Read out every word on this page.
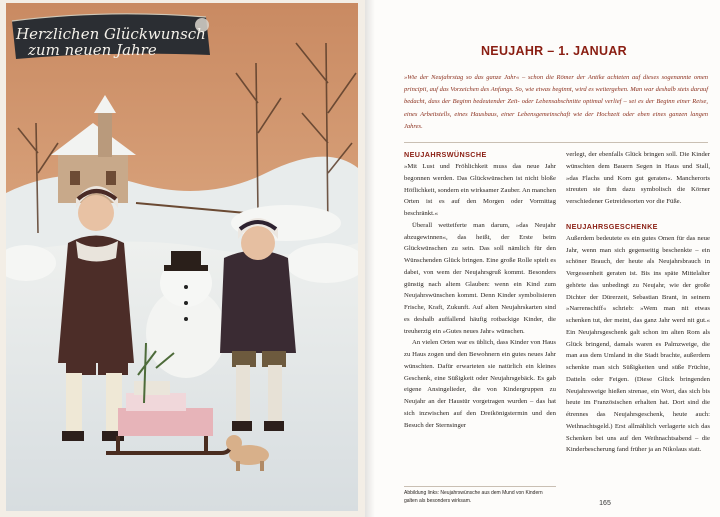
Herzlichen Glückwunsch
zum neuen Jahre	NEUJAHR – 1. JANUAR

»Wie der Neujahrstag so das ganze Jahr« – schon die Römer der Antike achteten auf dieses sogenannte omen principii, auf das Vorzeichen des Anfangs. So, wie etwas beginnt, wird es weitergehen. Man war deshalb stets darauf bedacht, dass der Beginn bedeutender Zeit- oder Lebensabschnitte optimal verlief – sei es der Beginn einer Reise, eines Arbeitstells, eines Hausbaus, einer Lebensgemeinschaft wie der Hochzeit oder eben eines ganzen langen Jahres.

NEUJAHRSWÜNSCHE

»Mit Lust und Fröhlichkeit muss das neue Jahr begonnen werden. Das Glückwünschen ist nicht bloße Höflichkeit, sondern ein wirksamer Zauber. An manchen Orten ist es auf den Morgen oder Vormittag beschränkt.«

Überall wetteiferte man darum, »das Neujahr abzugewinnen«, das heißt, der Erste beim Glückwünschen zu sein. Das soll nämlich für den Wünschenden Glück bringen. Eine große Rolle spielt es dabei, von wem der Neujahrsgruß kommt. Besonders günstig nach altem Glauben: wenn ein Kind zum Neujahrswünschen kommt. Denn Kinder symbolisieren Frische, Kraft, Zukunft. Auf alten Neujahrskarten sind es deshalb auffallend häufig rotbackige Kinder, die treuherzig ein »Gutes neues Jahr« wünschen.

An vielen Orten war es üblich, dass Kinder von Haus zu Haus zogen und den Bewohnern ein gutes neues Jahr wünschten. Dafür erwarteten sie natürlich ein kleines Geschenk, eine Süßigkeit oder Neujahrsgebäck. Es gab eigene Ansingelieder, die von Kindergruppen zu Neujahr an der Haustür vorgetragen wurden – das hat sich inzwischen auf den Dreikönigstermin und den Besuch der Sternsinger

verlegt, der ebenfalls Glück bringen soll. Die Kinder wünschten dem Bauern Segen in Haus und Stall, »das Flachs und Korn gut geraten«. Mancherorts streuten sie ihm dazu symbolisch die Körner verschiedener Getreidesorten vor die Füße.

NEUJAHRSGESCHENKE

Außerdem bedeutete es ein gutes Omen für das neue Jahr, wenn man sich gegenseitig beschenkte – ein schöner Brauch, der heute als Neujahrsbrauch in Vergessenheit geraten ist. Bis ins späte Mittelalter gehörte das unbedingt zu Neujahr, wie der große Dichter der Dürerzeit, Sebastian Brant, in seinem »Narrenschiff« schrieb: »Wem man nit etwas schenken tut, der meint, das ganz Jahr werd nit gut.« Ein Neujahrsgeschenk galt schon im alten Rom als Glück bringend, damals waren es Palmzweige, die man aus dem Umland in die Stadt brachte, außerdem schenkte man sich Süßigkeiten und süße Früchte, Datteln oder Feigen. (Diese Glück bringenden Neujahrsweige hießen strenae, ein Wort, das sich bis heute im Französischen erhalten hat. Dort sind die étrennes das Neujahrsgeschenk, heute auch: Weihnachtsgeld.) Erst allmählich verlagerte sich das Schenken bei uns auf den Weihnachtsabend – die Kinderbescherung fand früher ja an Nikolaus statt.

Abbildung links: Neujahrswünsche aus dem Mund von Kindern galten als besonders wirksam.	165
